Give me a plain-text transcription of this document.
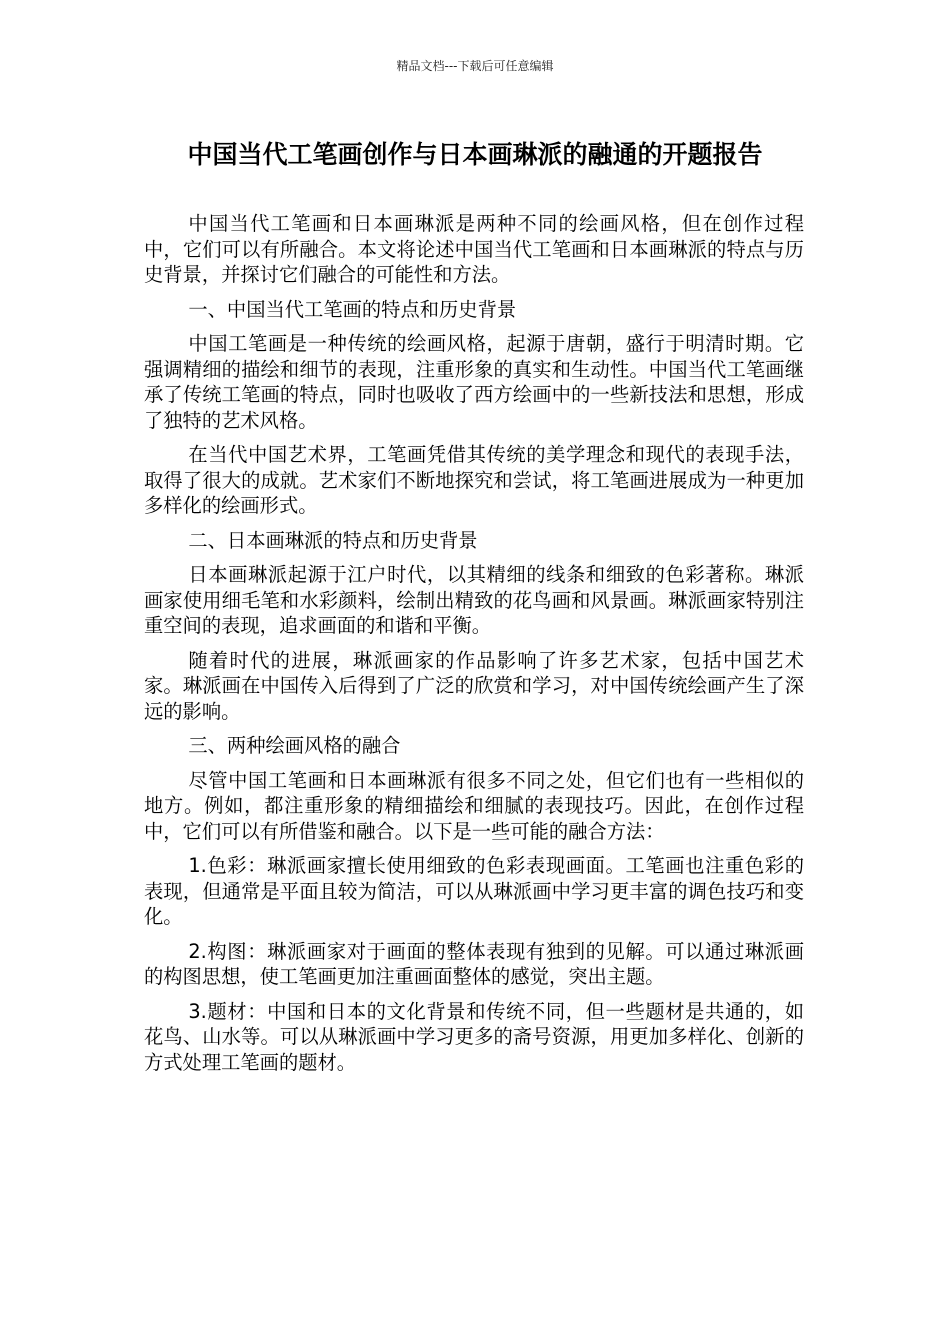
精品文档---下载后可任意编辑
中国当代工笔画创作与日本画琳派的融通的开题报告

中国当代工笔画和日本画琳派是两种不同的绘画风格，但在创作过程中，它们可以有所融合。本文将论述中国当代工笔画和日本画琳派的特点与历史背景，并探讨它们融合的可能性和方法。

一、中国当代工笔画的特点和历史背景

中国工笔画是一种传统的绘画风格，起源于唐朝，盛行于明清时期。它强调精细的描绘和细节的表现，注重形象的真实和生动性。中国当代工笔画继承了传统工笔画的特点，同时也吸收了西方绘画中的一些新技法和思想，形成了独特的艺术风格。

在当代中国艺术界，工笔画凭借其传统的美学理念和现代的表现手法，取得了很大的成就。艺术家们不断地探究和尝试，将工笔画进展成为一种更加多样化的绘画形式。

二、日本画琳派的特点和历史背景

日本画琳派起源于江户时代，以其精细的线条和细致的色彩著称。琳派画家使用细毛笔和水彩颜料，绘制出精致的花鸟画和风景画。琳派画家特别注重空间的表现，追求画面的和谐和平衡。

随着时代的进展，琳派画家的作品影响了许多艺术家，包括中国艺术家。琳派画在中国传入后得到了广泛的欣赏和学习，对中国传统绘画产生了深远的影响。

三、两种绘画风格的融合

尽管中国工笔画和日本画琳派有很多不同之处，但它们也有一些相似的地方。例如，都注重形象的精细描绘和细腻的表现技巧。因此，在创作过程中，它们可以有所借鉴和融合。以下是一些可能的融合方法：

1.色彩：琳派画家擅长使用细致的色彩表现画面。工笔画也注重色彩的表现，但通常是平面且较为简洁，可以从琳派画中学习更丰富的调色技巧和变化。

2.构图：琳派画家对于画面的整体表现有独到的见解。可以通过琳派画的构图思想，使工笔画更加注重画面整体的感觉，突出主题。

3.题材：中国和日本的文化背景和传统不同，但一些题材是共通的，如花鸟、山水等。可以从琳派画中学习更多的斋号资源，用更加多样化、创新的方式处理工笔画的题材。
